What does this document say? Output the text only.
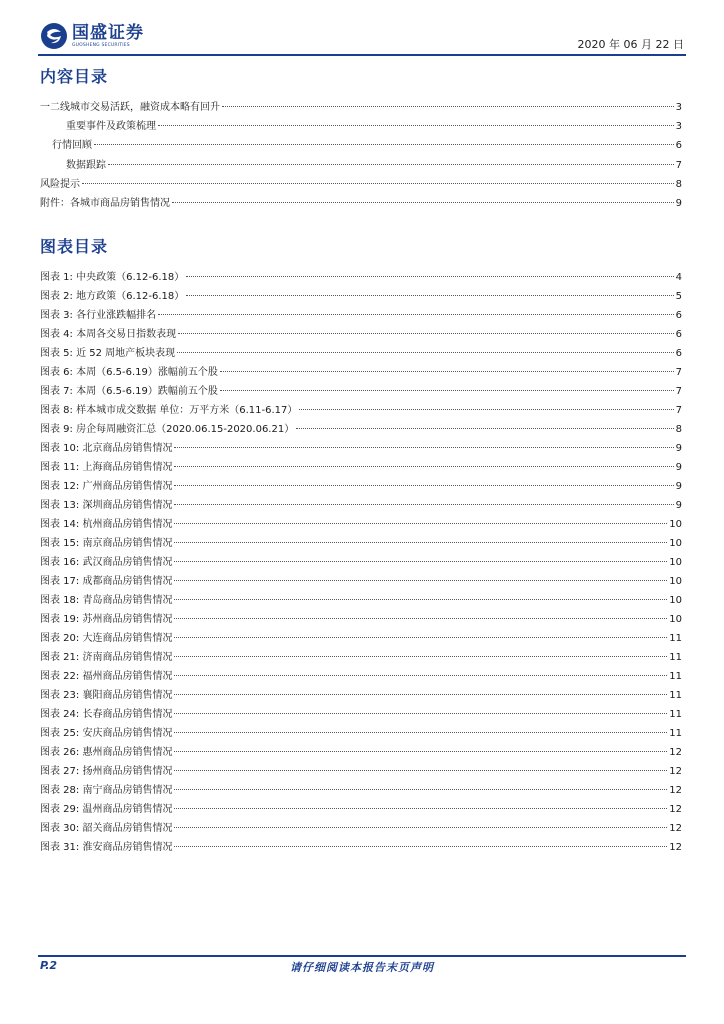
国盛证券
GUOSHENG SECURITIES	2020 年 06 月 22 日
内容目录
一二线城市交易活跃，融资成本略有回升	3
重要事件及政策梳理	3
行情回顾	6
数据跟踪	7
风险提示	8
附件：各城市商品房销售情况	9
图表目录
图表 1: 中央政策（6.12-6.18）	4
图表 2: 地方政策（6.12-6.18）	5
图表 3: 各行业涨跌幅排名	6
图表 4: 本周各交易日指数表现	6
图表 5: 近 52 周地产板块表现	6
图表 6: 本周（6.5-6.19）涨幅前五个股	7
图表 7: 本周（6.5-6.19）跌幅前五个股	7
图表 8: 样本城市成交数据 单位：万平方米（6.11-6.17）	7
图表 9: 房企每周融资汇总（2020.06.15-2020.06.21）	8
图表 10: 北京商品房销售情况	9
图表 11: 上海商品房销售情况	9
图表 12: 广州商品房销售情况	9
图表 13: 深圳商品房销售情况	9
图表 14: 杭州商品房销售情况	10
图表 15: 南京商品房销售情况	10
图表 16: 武汉商品房销售情况	10
图表 17: 成都商品房销售情况	10
图表 18: 青岛商品房销售情况	10
图表 19: 苏州商品房销售情况	10
图表 20: 大连商品房销售情况	11
图表 21: 济南商品房销售情况	11
图表 22: 福州商品房销售情况	11
图表 23: 襄阳商品房销售情况	11
图表 24: 长春商品房销售情况	11
图表 25: 安庆商品房销售情况	11
图表 26: 惠州商品房销售情况	12
图表 27: 扬州商品房销售情况	12
图表 28: 南宁商品房销售情况	12
图表 29: 温州商品房销售情况	12
图表 30: 韶关商品房销售情况	12
图表 31: 淮安商品房销售情况	12
P.2	请仔细阅读本报告末页声明
